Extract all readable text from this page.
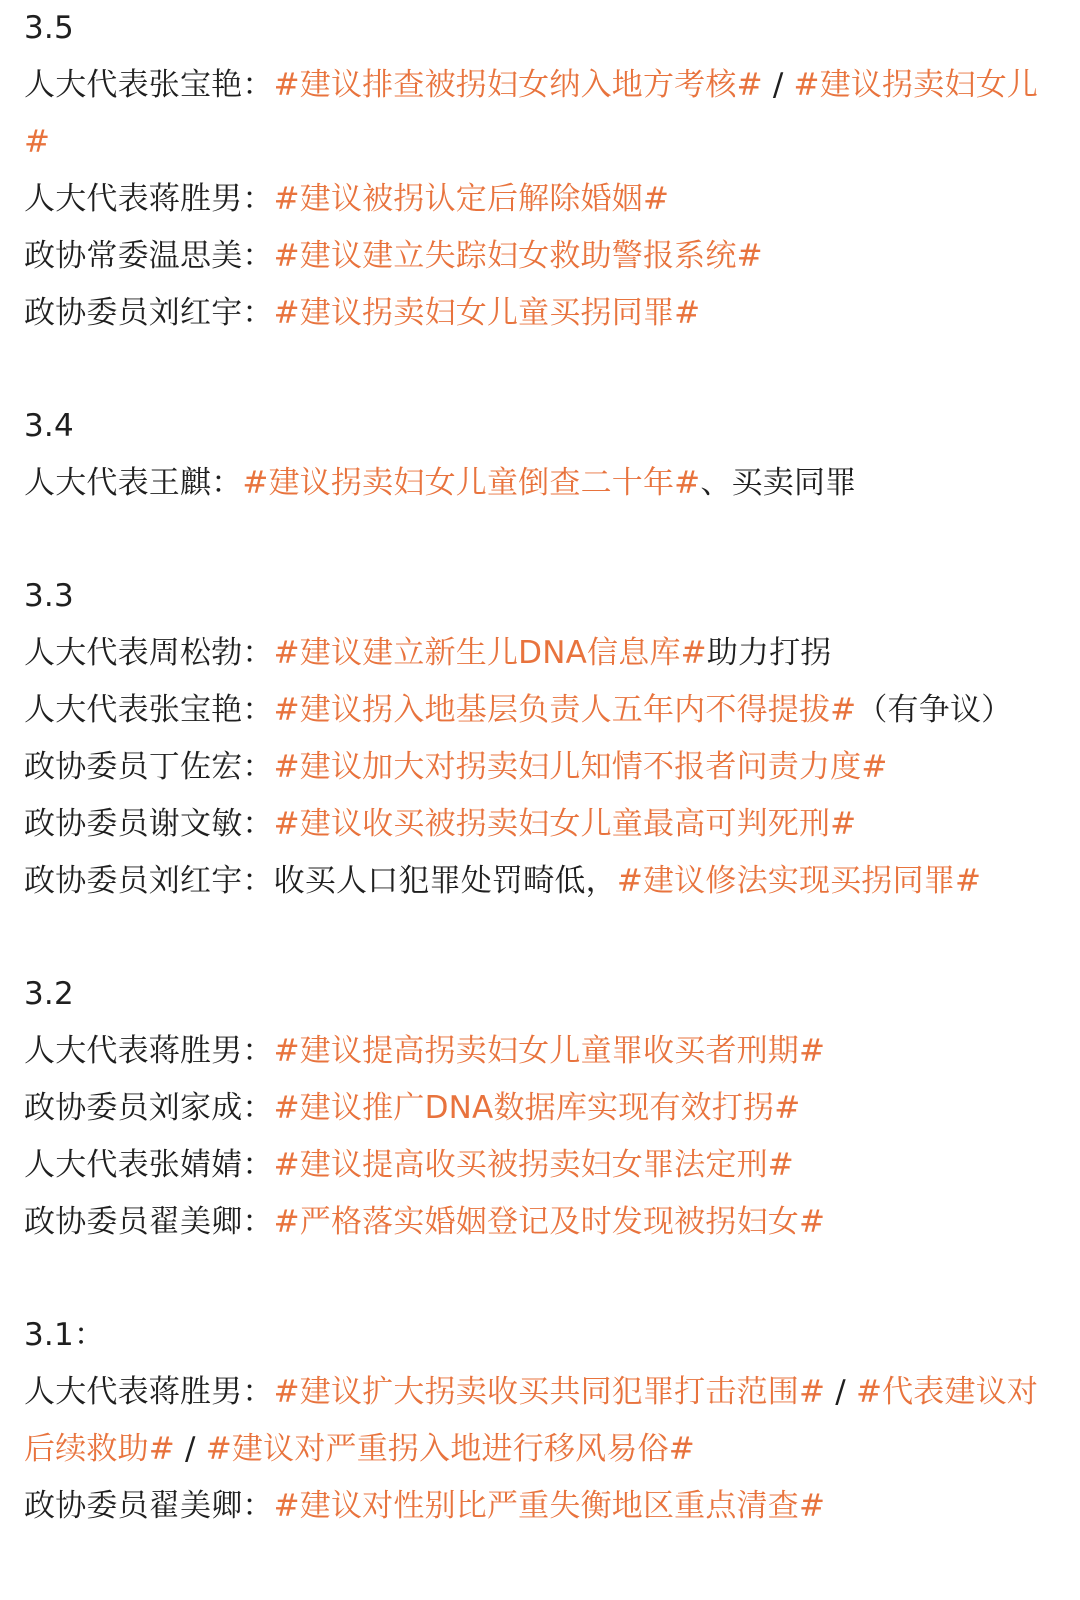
3.5
人大代表张宝艳：#建议排查被拐妇女纳入地方考核# / #建议拐卖妇女儿
#
人大代表蒋胜男：#建议被拐认定后解除婚姻#
政协常委温思美：#建议建立失踪妇女救助警报系统#
政协委员刘红宇：#建议拐卖妇女儿童买拐同罪#
3.4
人大代表王麒：#建议拐卖妇女儿童倒查二十年#、买卖同罪
3.3
人大代表周松勃：#建议建立新生儿DNA信息库#助力打拐
人大代表张宝艳：#建议拐入地基层负责人五年内不得提拔#（有争议）
政协委员丁佐宏：#建议加大对拐卖妇儿知情不报者问责力度#
政协委员谢文敏：#建议收买被拐卖妇女儿童最高可判死刑#
政协委员刘红宇：收买人口犯罪处罚畸低，#建议修法实现买拐同罪#
3.2
人大代表蒋胜男：#建议提高拐卖妇女儿童罪收买者刑期#
政协委员刘家成：#建议推广DNA数据库实现有效打拐#
人大代表张婧婧：#建议提高收买被拐卖妇女罪法定刑#
政协委员翟美卿：#严格落实婚姻登记及时发现被拐妇女#
3.1：
人大代表蒋胜男：#建议扩大拐卖收买共同犯罪打击范围# / #代表建议对
后续救助# / #建议对严重拐入地进行移风易俗#
政协委员翟美卿：#建议对性别比严重失衡地区重点清查#
